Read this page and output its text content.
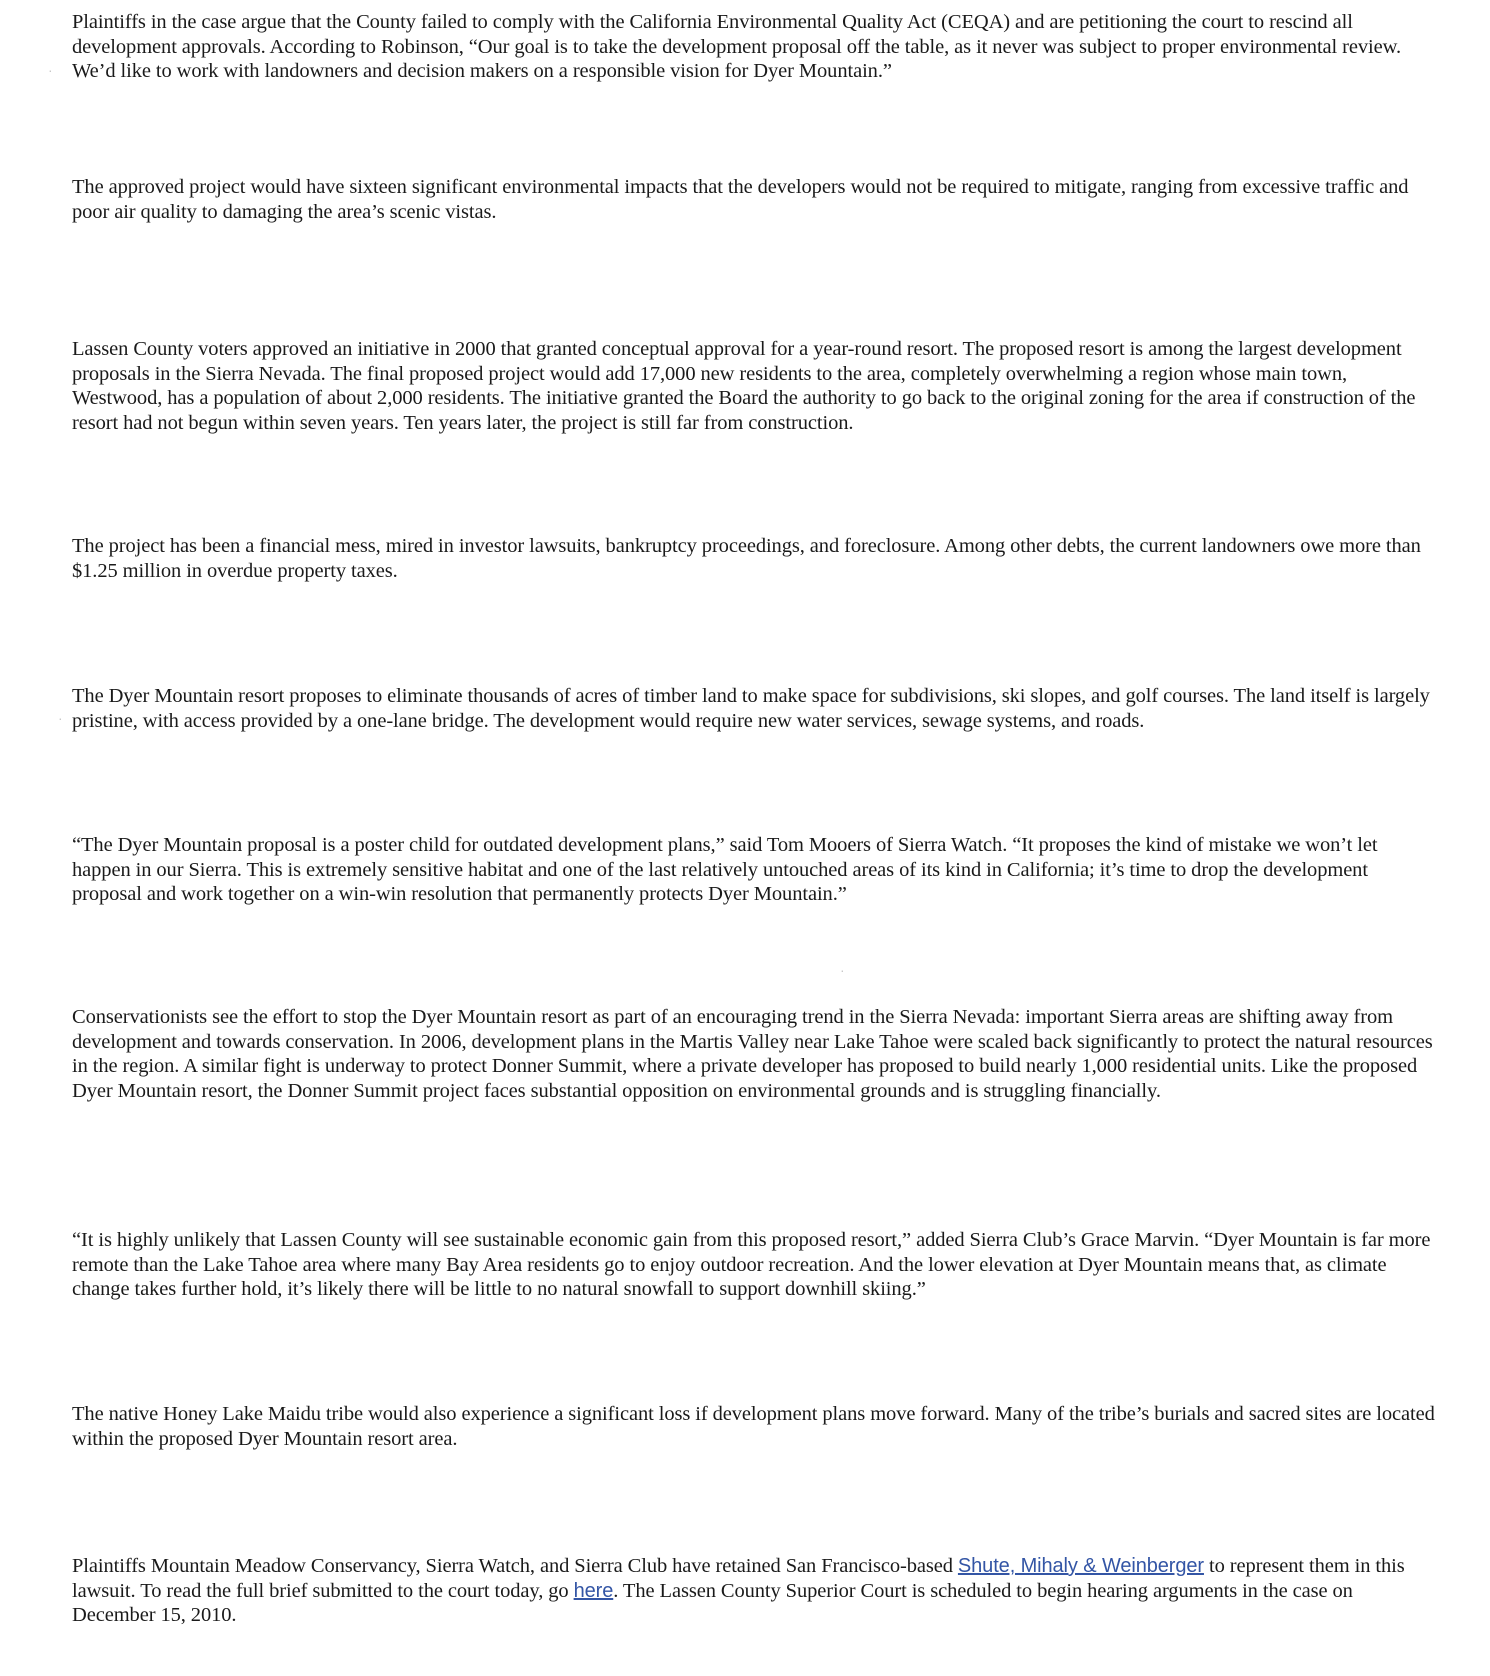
Plaintiffs in the case argue that the County failed to comply with the California Environmental Quality Act (CEQA) and are petitioning the court to rescind all development approvals. According to Robinson, “Our goal is to take the development proposal off the table, as it never was subject to proper environmental review. We’d like to work with landowners and decision makers on a responsible vision for Dyer Mountain.”

The approved project would have sixteen significant environmental impacts that the developers would not be required to mitigate, ranging from excessive traffic and poor air quality to damaging the area’s scenic vistas.

Lassen County voters approved an initiative in 2000 that granted conceptual approval for a year-round resort. The proposed resort is among the largest development proposals in the Sierra Nevada. The final proposed project would add 17,000 new residents to the area, completely overwhelming a region whose main town, Westwood, has a population of about 2,000 residents. The initiative granted the Board the authority to go back to the original zoning for the area if construction of the resort had not begun within seven years. Ten years later, the project is still far from construction.

The project has been a financial mess, mired in investor lawsuits, bankruptcy proceedings, and foreclosure. Among other debts, the current landowners owe more than $1.25 million in overdue property taxes.

The Dyer Mountain resort proposes to eliminate thousands of acres of timber land to make space for subdivisions, ski slopes, and golf courses. The land itself is largely pristine, with access provided by a one-lane bridge. The development would require new water services, sewage systems, and roads.

“The Dyer Mountain proposal is a poster child for outdated development plans,” said Tom Mooers of Sierra Watch. “It proposes the kind of mistake we won’t let happen in our Sierra. This is extremely sensitive habitat and one of the last relatively untouched areas of its kind in California; it’s time to drop the development proposal and work together on a win-win resolution that permanently protects Dyer Mountain.”

Conservationists see the effort to stop the Dyer Mountain resort as part of an encouraging trend in the Sierra Nevada: important Sierra areas are shifting away from development and towards conservation. In 2006, development plans in the Martis Valley near Lake Tahoe were scaled back significantly to protect the natural resources in the region. A similar fight is underway to protect Donner Summit, where a private developer has proposed to build nearly 1,000 residential units. Like the proposed Dyer Mountain resort, the Donner Summit project faces substantial opposition on environmental grounds and is struggling financially.

“It is highly unlikely that Lassen County will see sustainable economic gain from this proposed resort,” added Sierra Club’s Grace Marvin. “Dyer Mountain is far more remote than the Lake Tahoe area where many Bay Area residents go to enjoy outdoor recreation. And the lower elevation at Dyer Mountain means that, as climate change takes further hold, it’s likely there will be little to no natural snowfall to support downhill skiing.”

The native Honey Lake Maidu tribe would also experience a significant loss if development plans move forward. Many of the tribe’s burials and sacred sites are located within the proposed Dyer Mountain resort area.

Plaintiffs Mountain Meadow Conservancy, Sierra Watch, and Sierra Club have retained San Francisco-based Shute, Mihaly & Weinberger to represent them in this lawsuit. To read the full brief submitted to the court today, go here. The Lassen County Superior Court is scheduled to begin hearing arguments in the case on December 15, 2010.

·
·
·
